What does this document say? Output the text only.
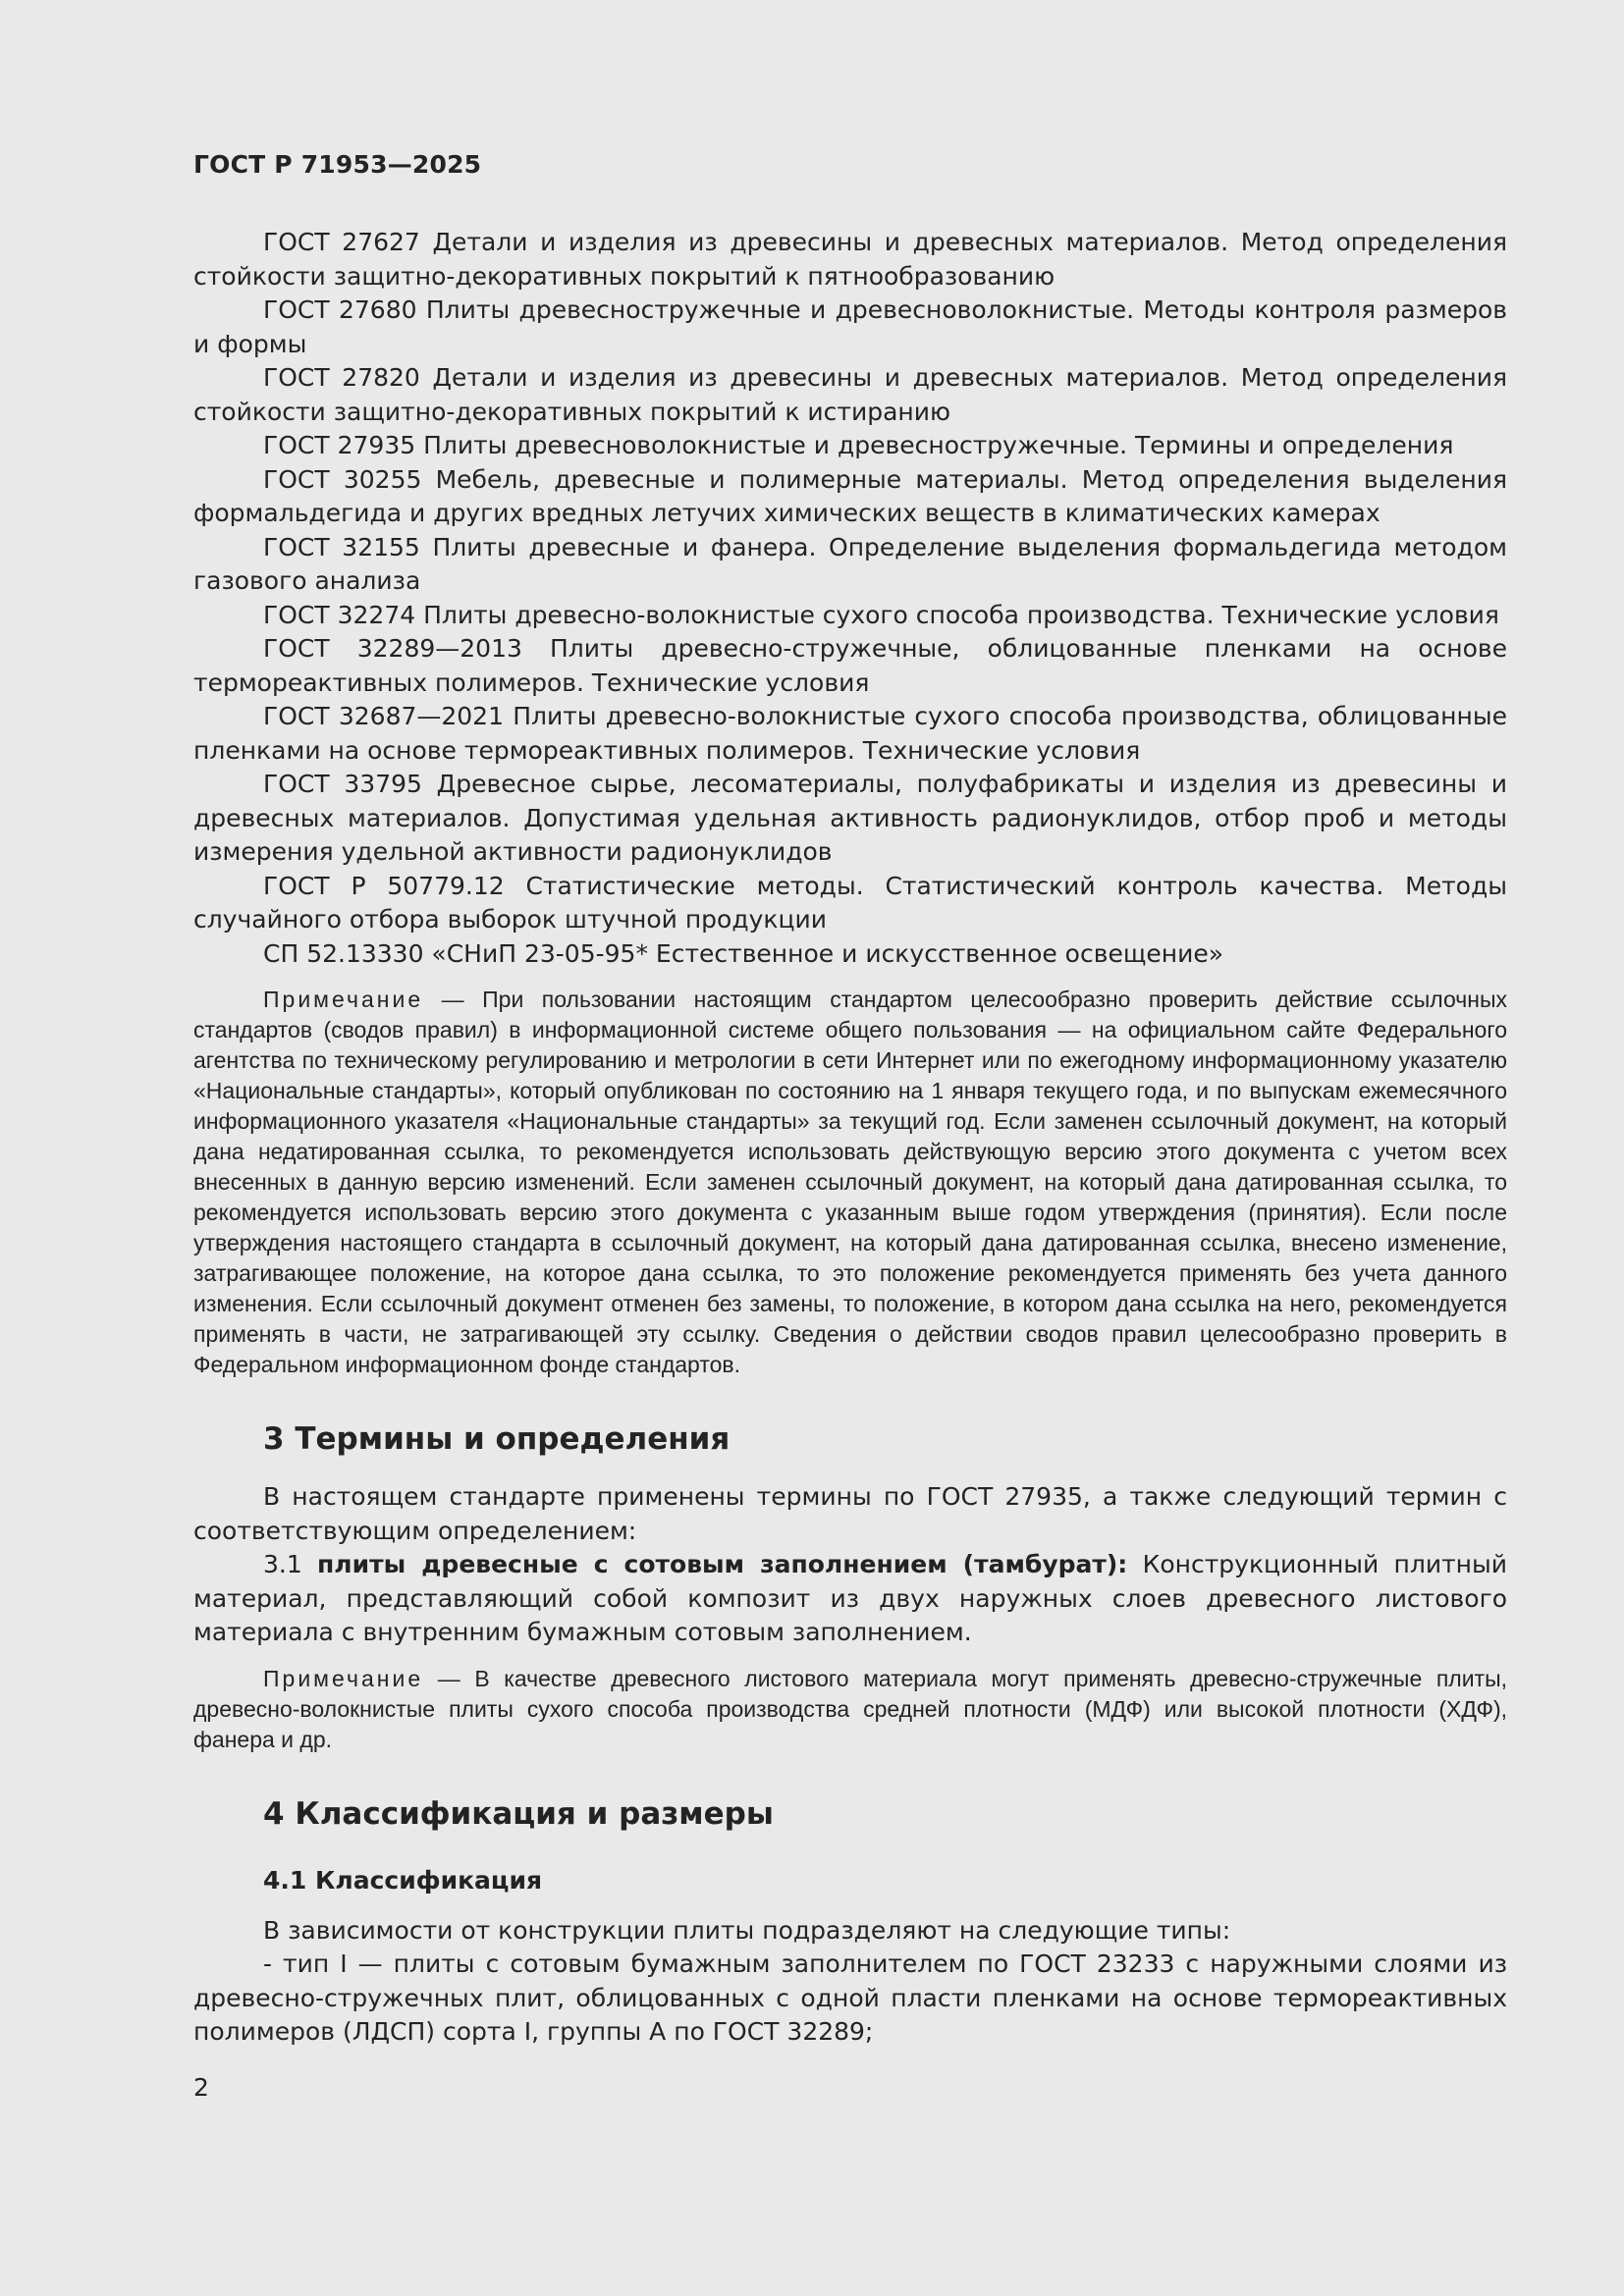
ГОСТ Р 71953—2025

ГОСТ 27627 Детали и изделия из древесины и древесных материалов. Метод определения стойкости защитно-декоративных покрытий к пятнообразованию

ГОСТ 27680 Плиты древесностружечные и древесноволокнистые. Методы контроля размеров и формы

ГОСТ 27820 Детали и изделия из древесины и древесных материалов. Метод определения стойкости защитно-декоративных покрытий к истиранию

ГОСТ 27935 Плиты древесноволокнистые и древесностружечные. Термины и определения

ГОСТ 30255 Мебель, древесные и полимерные материалы. Метод определения выделения формальдегида и других вредных летучих химических веществ в климатических камерах

ГОСТ 32155 Плиты древесные и фанера. Определение выделения формальдегида методом газового анализа

ГОСТ 32274 Плиты древесно-волокнистые сухого способа производства. Технические условия

ГОСТ 32289—2013 Плиты древесно-стружечные, облицованные пленками на основе термореактивных полимеров. Технические условия

ГОСТ 32687—2021 Плиты древесно-волокнистые сухого способа производства, облицованные пленками на основе термореактивных полимеров. Технические условия

ГОСТ 33795 Древесное сырье, лесоматериалы, полуфабрикаты и изделия из древесины и древесных материалов. Допустимая удельная активность радионуклидов, отбор проб и методы измерения удельной активности радионуклидов

ГОСТ Р 50779.12 Статистические методы. Статистический контроль качества. Методы случайного отбора выборок штучной продукции

СП 52.13330 «СНиП 23-05-95* Естественное и искусственное освещение»

Примечание — При пользовании настоящим стандартом целесообразно проверить действие ссылочных стандартов (сводов правил) в информационной системе общего пользования — на официальном сайте Федерального агентства по техническому регулированию и метрологии в сети Интернет или по ежегодному информационному указателю «Национальные стандарты», который опубликован по состоянию на 1 января текущего года, и по выпускам ежемесячного информационного указателя «Национальные стандарты» за текущий год. Если заменен ссылочный документ, на который дана недатированная ссылка, то рекомендуется использовать действующую версию этого документа с учетом всех внесенных в данную версию изменений. Если заменен ссылочный документ, на который дана датированная ссылка, то рекомендуется использовать версию этого документа с указанным выше годом утверждения (принятия). Если после утверждения настоящего стандарта в ссылочный документ, на который дана датированная ссылка, внесено изменение, затрагивающее положение, на которое дана ссылка, то это положение рекомендуется применять без учета данного изменения. Если ссылочный документ отменен без замены, то положение, в котором дана ссылка на него, рекомендуется применять в части, не затрагивающей эту ссылку. Сведения о действии сводов правил целесообразно проверить в Федеральном информационном фонде стандартов.

3 Термины и определения

В настоящем стандарте применены термины по ГОСТ 27935, а также следующий термин с соответствующим определением:

3.1 плиты древесные с сотовым заполнением (тамбурат): Конструкционный плитный материал, представляющий собой композит из двух наружных слоев древесного листового материала с внутренним бумажным сотовым заполнением.

Примечание — В качестве древесного листового материала могут применять древесно-стружечные плиты, древесно-волокнистые плиты сухого способа производства средней плотности (МДФ) или высокой плотности (ХДФ), фанера и др.

4 Классификация и размеры
4.1 Классификация

В зависимости от конструкции плиты подразделяют на следующие типы:

- тип I — плиты с сотовым бумажным заполнителем по ГОСТ 23233 с наружными слоями из древесно-стружечных плит, облицованных с одной пласти пленками на основе термореактивных полимеров (ЛДСП) сорта I, группы А по ГОСТ 32289;

2
